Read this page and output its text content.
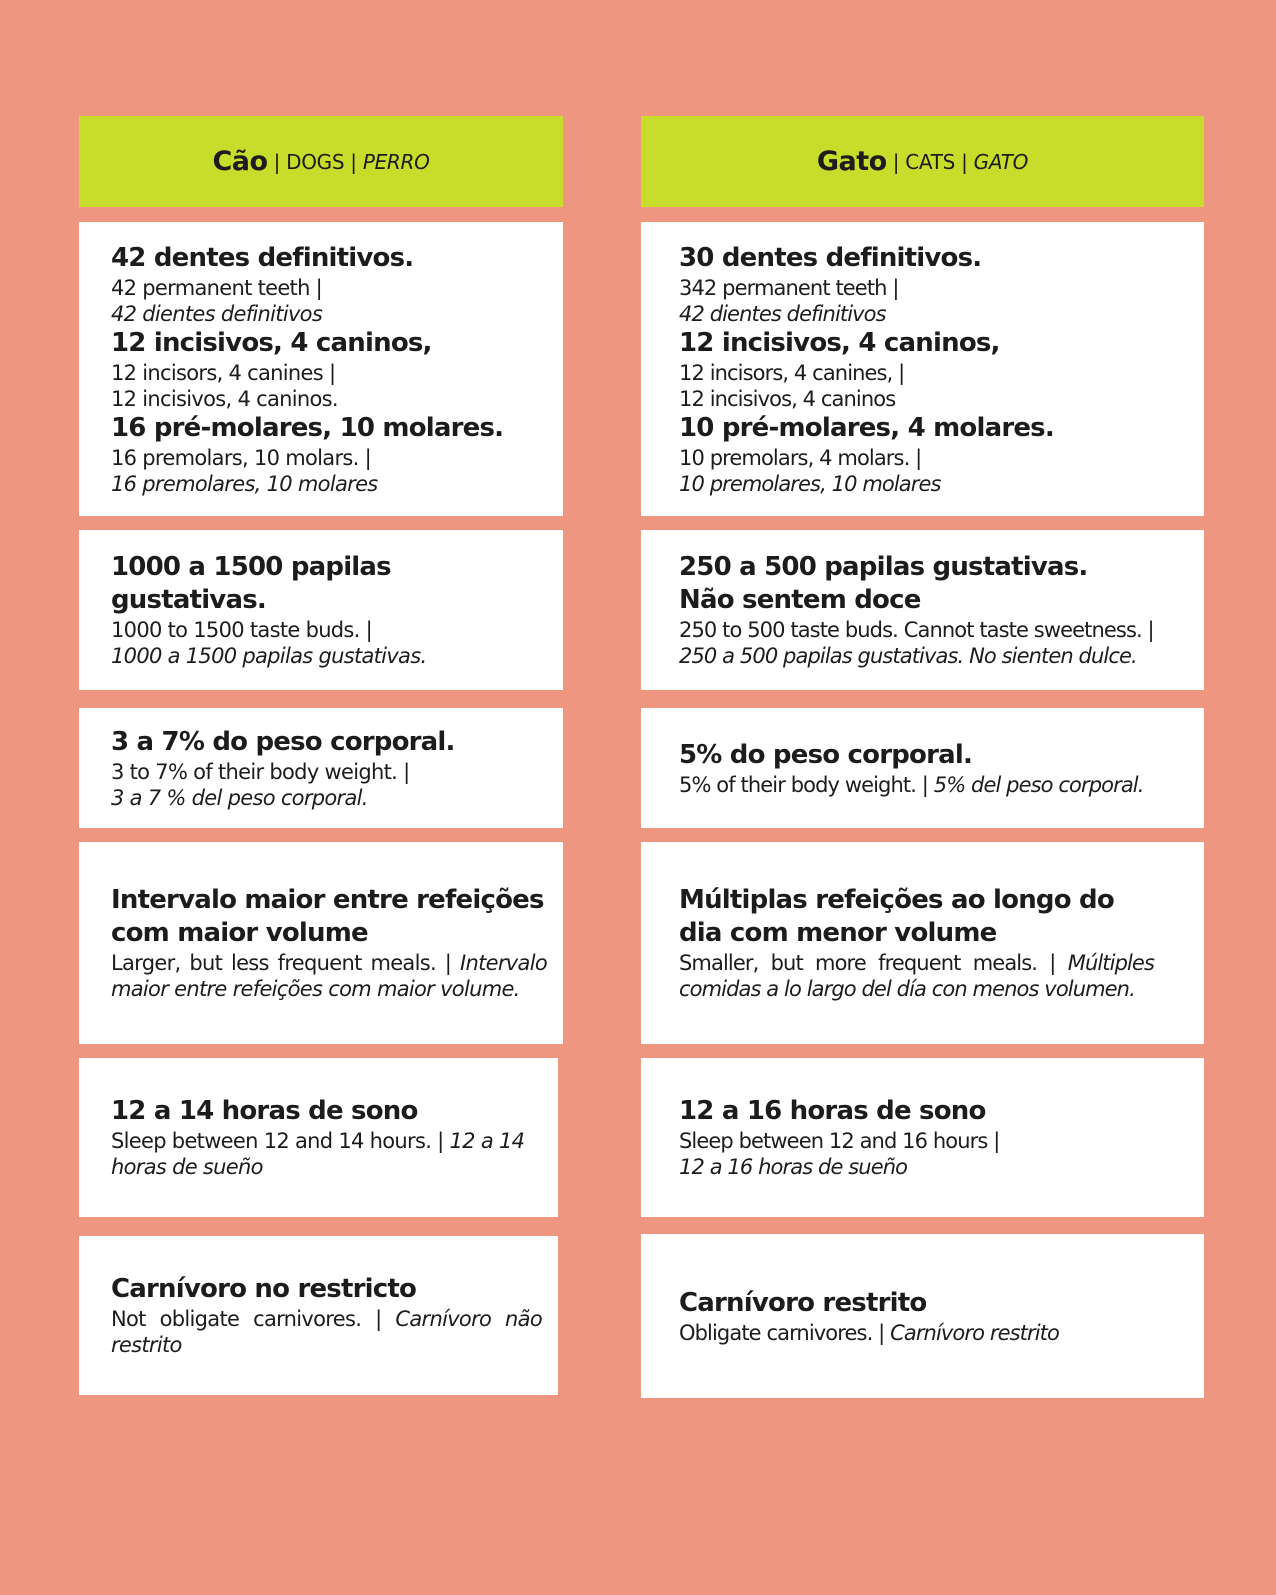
Cão | DOGS | PERRO

42 dentes definitivos.

42 permanent teeth |

42 dientes definitivos

12 incisivos, 4 caninos,

12 incisors, 4 canines |

12 incisivos, 4 caninos.

16 pré-molares, 10 molares.

16 premolars, 10 molars. |

16 premolares, 10 molares

1000 a 1500 papilas gustativas.

1000 to 1500 taste buds. |

1000 a 1500 papilas gustativas.

3 a 7% do peso corporal.

3 to 7% of their body weight. |

3 a 7 % del peso corporal.

Intervalo maior entre refeições com maior volume

Larger, but less frequent meals. | Intervalo maior entre refeições com maior volume.

12 a 14 horas de sono

Sleep between 12 and 14 hours. | 12 a 14 horas de sueño

Carnívoro no restricto

Not obligate carnivores. | Carnívoro não restrito

Gato | CATS | GATO

30 dentes definitivos.

342 permanent teeth |

42 dientes definitivos

12 incisivos, 4 caninos,

12 incisors, 4 canines, |

12 incisivos, 4 caninos

10 pré-molares, 4 molares.

10 premolars, 4 molars. |

10 premolares, 10 molares

250 a 500 papilas gustativas.

Não sentem doce

250 to 500 taste buds. Cannot taste sweetness. |

250 a 500 papilas gustativas. No sienten dulce.

5% do peso corporal.

5% of their body weight. | 5% del peso corporal.

Múltiplas refeições ao longo do dia com menor volume

Smaller, but more frequent meals. | Múltiples comidas a lo largo del día con menos volumen.

12 a 16 horas de sono

Sleep between 12 and 16 hours |

12 a 16 horas de sueño

Carnívoro restrito

Obligate carnivores. | Carnívoro restrito
